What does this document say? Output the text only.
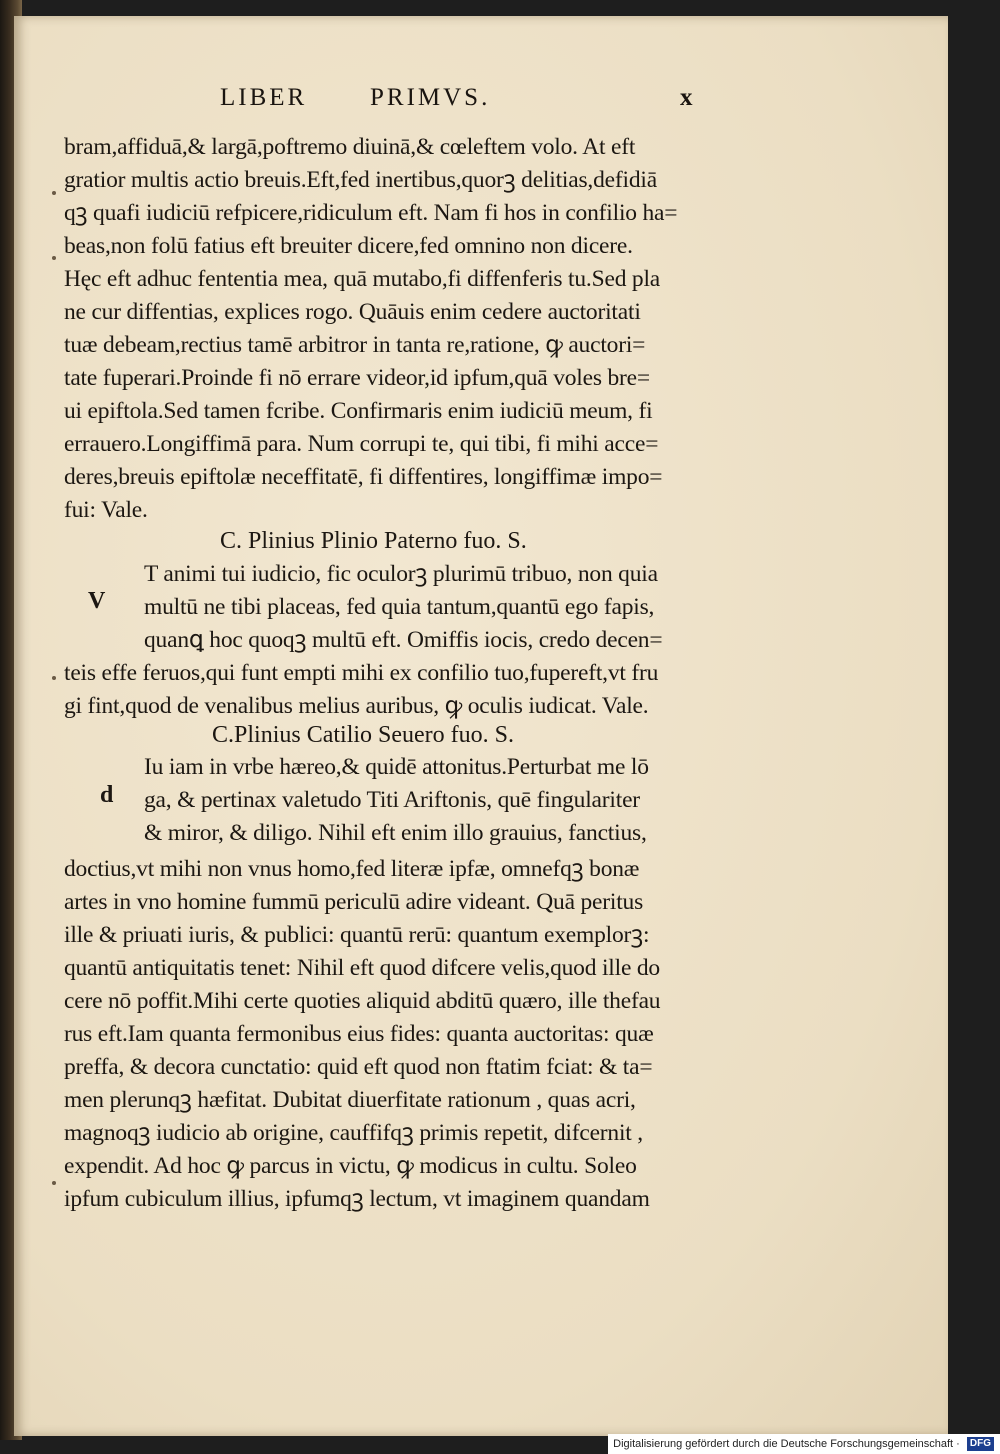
LIBER	PRIMVS.	x
bram,affiduā,& largā,poftremo diuinā,& cœleftem volo. At eft
gratior multis actio breuis.Eft,fed inertibus,quorꝫ delitias,defidiā
qꝫ quafi iudiciū refpicere,ridiculum eft. Nam fi hos in confilio ha=
beas,non folū fatius eft breuiter dicere,fed omnino non dicere.
Hęc eft adhuc fententia mea, quā mutabo,fi diffenferis tu.Sed pla
ne cur diffentias, explices rogo. Quāuis enim cedere auctoritati
tuæ debeam,rectius tamē arbitror in tanta re,ratione, ꝙ auctori=
tate fuperari.Proinde fi nō errare videor,id ipfum,quā voles bre=
ui epiftola.Sed tamen fcribe. Confirmaris enim iudiciū meum, fi
errauero.Longiffimā para. Num corrupi te, qui tibi, fi mihi acce=
deres,breuis epiftolæ neceffitatē, fi diffentires, longiffimæ impo=
fui: Vale.
C. Plinius Plinio Paterno fuo. S.
V
T animi tui iudicio, fic oculorꝫ plurimū tribuo, non quia
multū ne tibi placeas, fed quia tantum,quantū ego fapis,
quanꝗ hoc quoqꝫ multū eft. Omiffis iocis, credo decen=
teis effe feruos,qui funt empti mihi ex confilio tuo,fupereft,vt fru
gi fint,quod de venalibus melius auribus, ꝙ oculis iudicat. Vale.
C.Plinius Catilio Seuero fuo. S.
d
Iu iam in vrbe hæreo,& quidē attonitus.Perturbat me lō
ga, & pertinax valetudo Titi Ariftonis, quē fingulariter
& miror, & diligo. Nihil eft enim illo grauius, fanctius,
doctius,vt mihi non vnus homo,fed literæ ipfæ, omnefqꝫ bonæ
artes in vno homine fummū periculū adire videant. Quā peritus
ille & priuati iuris, & publici: quantū rerū: quantum exemplorꝫ:
quantū antiquitatis tenet: Nihil eft quod difcere velis,quod ille do
cere nō poffit.Mihi certe quoties aliquid abditū quæro, ille thefau
rus eft.Iam quanta fermonibus eius fides: quanta auctoritas: quæ
preffa, & decora cunctatio: quid eft quod non ftatim fciat: & ta=
men plerunqꝫ hæfitat. Dubitat diuerfitate rationum , quas acri,
magnoqꝫ iudicio ab origine, cauffifqꝫ primis repetit, difcernit ,
expendit. Ad hoc ꝙ parcus in victu, ꝙ modicus in cultu. Soleo
ipfum cubiculum illius, ipfumqꝫ lectum, vt imaginem quandam
Digitalisierung gefördert durch die Deutsche Forschungsgemeinschaft · DFG
